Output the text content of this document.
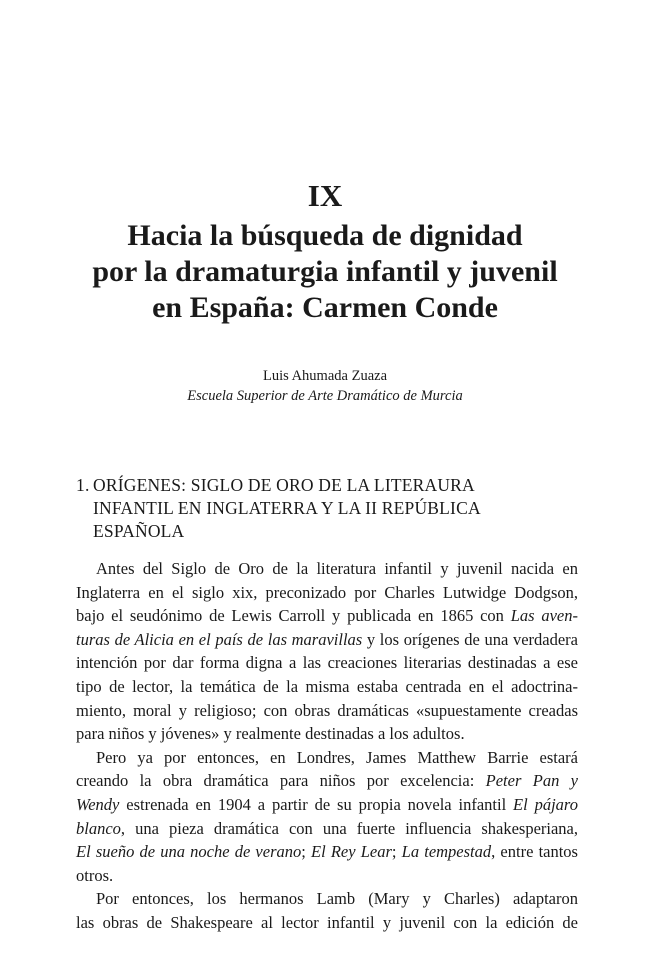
IX
Hacia la búsqueda de dignidad
por la dramaturgia infantil y juvenil
en España: Carmen Conde
Luis Ahumada Zuaza
Escuela Superior de Arte Dramático de Murcia
1. ORÍGENES: SIGLO DE ORO DE LA LITERAURA
INFANTIL EN INGLATERRA Y LA II REPÚBLICA
ESPAÑOLA
Antes del Siglo de Oro de la literatura infantil y juvenil nacida en
Inglaterra en el siglo xix, preconizado por Charles Lutwidge Dodgson,
bajo el seudónimo de Lewis Carroll y publicada en 1865 con Las aven-
turas de Alicia en el país de las maravillas y los orígenes de una verdadera
intención por dar forma digna a las creaciones literarias destinadas a ese
tipo de lector, la temática de la misma estaba centrada en el adoctrina-
miento, moral y religioso; con obras dramáticas «supuestamente creadas
para niños y jóvenes» y realmente destinadas a los adultos.
Pero ya por entonces, en Londres, James Matthew Barrie estará
creando la obra dramática para niños por excelencia: Peter Pan y
Wendy estrenada en 1904 a partir de su propia novela infantil El pájaro
blanco, una pieza dramática con una fuerte influencia shakesperiana,
El sueño de una noche de verano; El Rey Lear; La tempestad, entre tantos
otros.
Por entonces, los hermanos Lamb (Mary y Charles) adaptaron
las obras de Shakespeare al lector infantil y juvenil con la edición de
